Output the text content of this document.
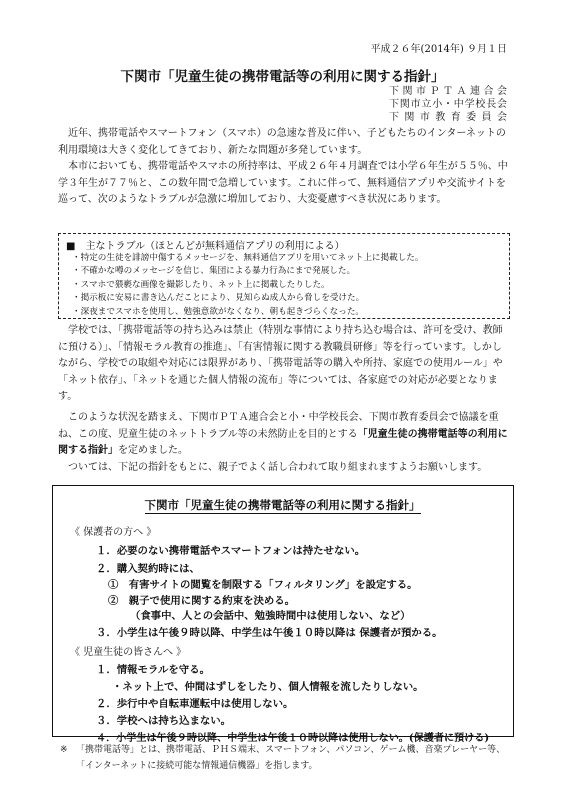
平成２６年(2014年) ９月１日
下関市「児童生徒の携帯電話等の利用に関する指針」
下 関 市 Ｐ Ｔ Ａ 連 合 会
下関市立小・中学校長会
下 関 市 教 育 委 員 会
近年、携帯電話やスマートフォン（スマホ）の急速な普及に伴い、子どもたちのインターネットの利用環境は大きく変化してきており、新たな問題が多発しています。
本市においても、携帯電話やスマホの所持率は、平成２６年４月調査では小学６年生が５５％、中学３年生が７７％と、この数年間で急増しています。これに伴って、無料通信アプリや交流サイトを巡って、次のようなトラブルが急激に増加しており、大変憂慮すべき状況にあります。
■　主なトラブル（ほとんどが無料通信アプリの利用による）
・特定の生徒を誹謗中傷するメッセージを、無料通信アプリを用いてネット上に掲載した。
・不確かな噂のメッセージを信じ、集団による暴力行為にまで発展した。
・スマホで猥褻な画像を撮影したり、ネット上に掲載したりした。
・掲示板に安易に書き込んだことにより、見知らぬ成人から脅しを受けた。
・深夜までスマホを使用し、勉強意欲がなくなり、朝も起きづらくなった。

学校では、「携帯電話等の持ち込みは禁止（特別な事情により持ち込む場合は、許可を受け、教師に預ける）」、「情報モラル教育の推進」、「有害情報に関する教職員研修」等を行っています。しかしながら、学校での取組や対応には限界があり、「携帯電話等の購入や所持、家庭での使用ルール」や「ネット依存」、「ネットを通じた個人情報の流布」等については、各家庭での対応が必要となります。

このような状況を踏まえ、下関市ＰＴＡ連合会と小・中学校長会、下関市教育委員会で協議を重ね、この度、児童生徒のネットトラブル等の未然防止を目的とする「児童生徒の携帯電話等の利用に関する指針」を定めました。
ついては、下記の指針をもとに、親子でよく話し合われて取り組まれますようお願いします。
下関市「児童生徒の携帯電話等の利用に関する指針」
《 保護者の方へ 》
１．必要のない携帯電話やスマートフォンは持たせない。
２．購入契約時には、
①　有害サイトの閲覧を制限する「フィルタリング」を設定する。
②　親子で使用に関する約束を決める。
（食事中、人との会話中、勉強時間中は使用しない、など）
３．小学生は午後９時以降、中学生は午後１０時以降は 保護者が預かる。
《 児童生徒の皆さんへ 》
１．情報モラルを守る。
・ネット上で、仲間はずしをしたり、個人情報を流したりしない。
２．歩行中や自転車運転中は使用しない。
３．学校へは持ち込まない。
４．小学生は午後９時以降、中学生は午後１０時以降は使用しない。(保護者に預ける)
※ 「携帯電話等」とは、携帯電話、ＰＨＳ端末、スマートフォン、パソコン、ゲーム機、音楽プレーヤー等、「インターネットに接続可能な情報通信機器」を指します。
